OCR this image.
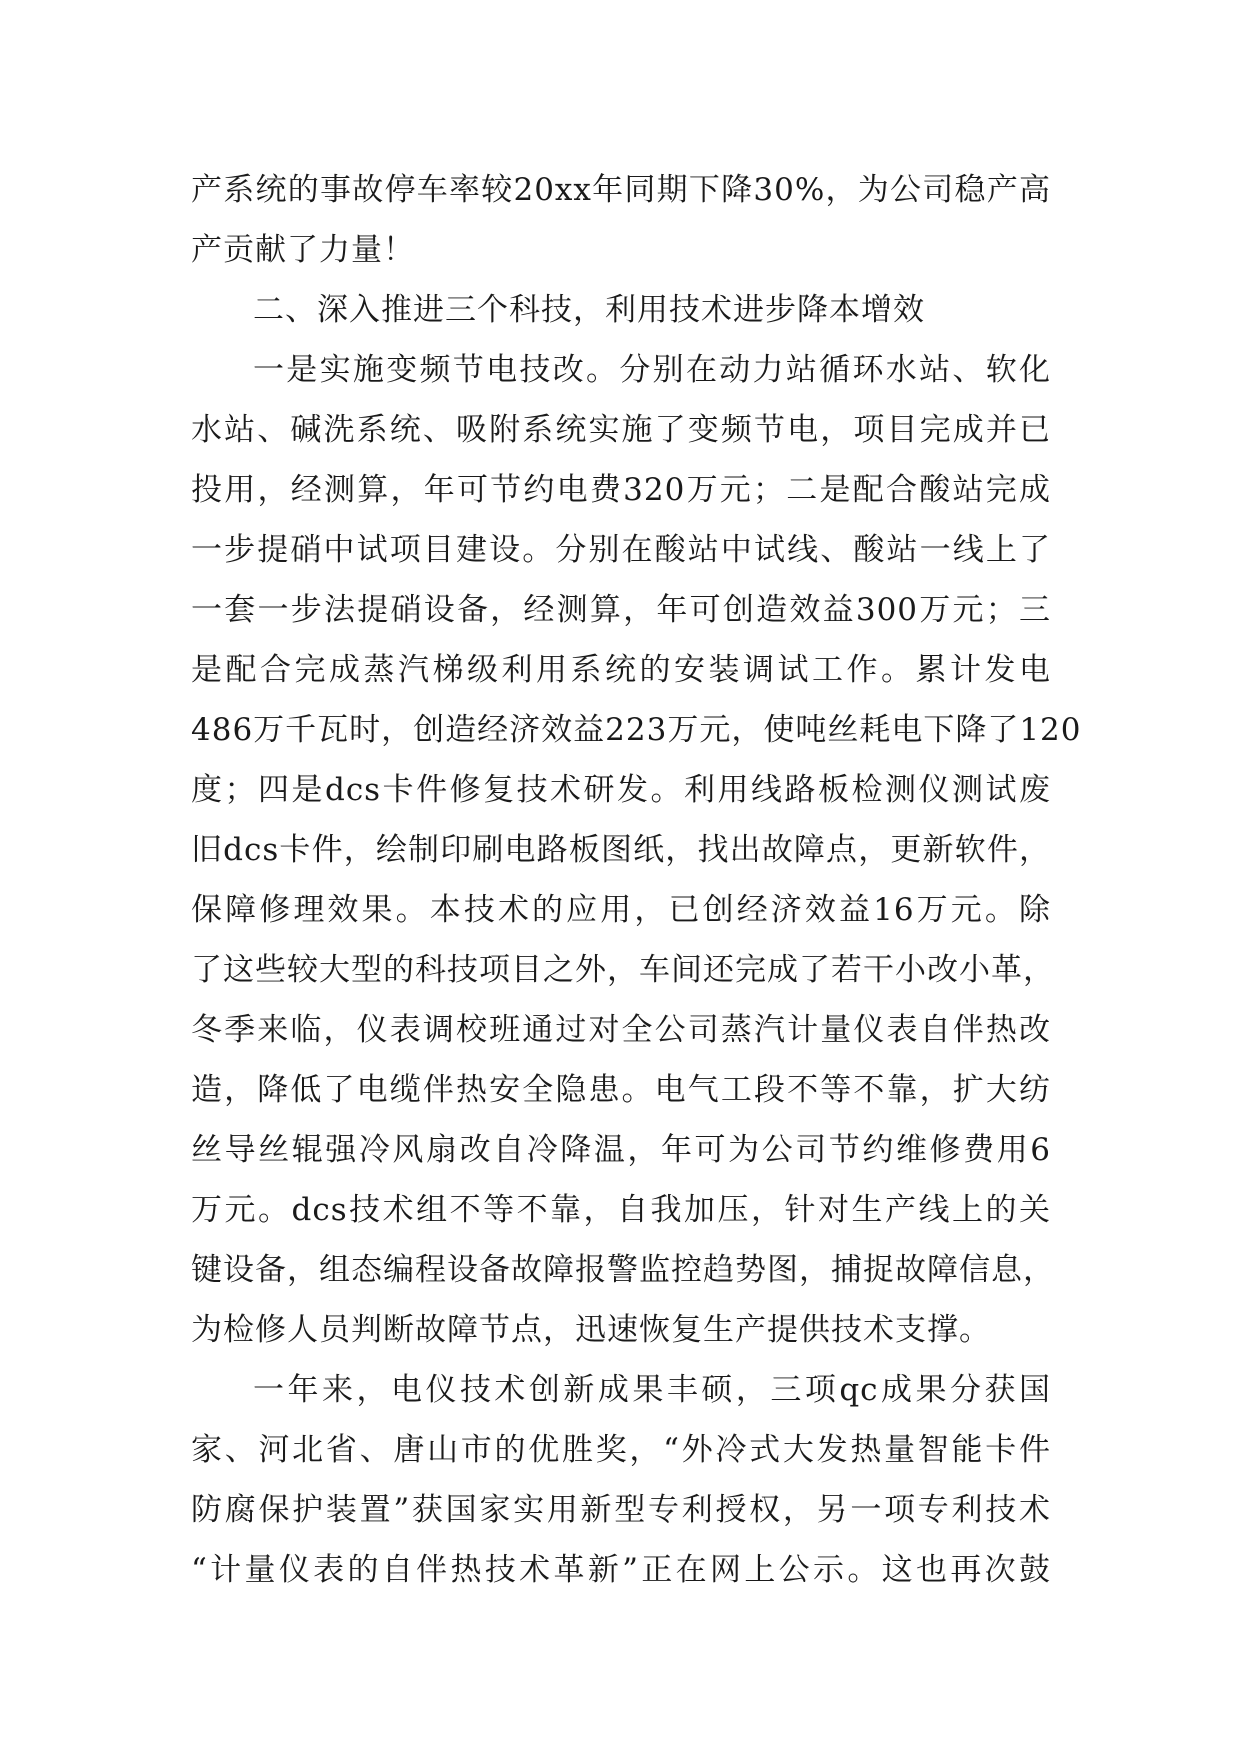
产系统的事故停车率较20xx年同期下降30%，为公司稳产高
产贡献了力量！
二、深入推进三个科技，利用技术进步降本增效
一是实施变频节电技改。分别在动力站循环水站、软化
水站、碱洗系统、吸附系统实施了变频节电，项目完成并已
投用，经测算，年可节约电费320万元；二是配合酸站完成
一步提硝中试项目建设。分别在酸站中试线、酸站一线上了
一套一步法提硝设备，经测算，年可创造效益300万元；三
是配合完成蒸汽梯级利用系统的安装调试工作。累计发电
486万千瓦时，创造经济效益223万元，使吨丝耗电下降了120
度；四是dcs卡件修复技术研发。利用线路板检测仪测试废
旧dcs卡件，绘制印刷电路板图纸，找出故障点，更新软件，
保障修理效果。本技术的应用，已创经济效益16万元。除
了这些较大型的科技项目之外，车间还完成了若干小改小革，
冬季来临，仪表调校班通过对全公司蒸汽计量仪表自伴热改
造，降低了电缆伴热安全隐患。电气工段不等不靠，扩大纺
丝导丝辊强冷风扇改自冷降温，年可为公司节约维修费用6
万元。dcs技术组不等不靠，自我加压，针对生产线上的关
键设备，组态编程设备故障报警监控趋势图，捕捉故障信息，
为检修人员判断故障节点，迅速恢复生产提供技术支撑。
一年来，电仪技术创新成果丰硕，三项qc成果分获国
家、河北省、唐山市的优胜奖，“外冷式大发热量智能卡件
防腐保护装置”获国家实用新型专利授权，另一项专利技术
“计量仪表的自伴热技术革新”正在网上公示。这也再次鼓
